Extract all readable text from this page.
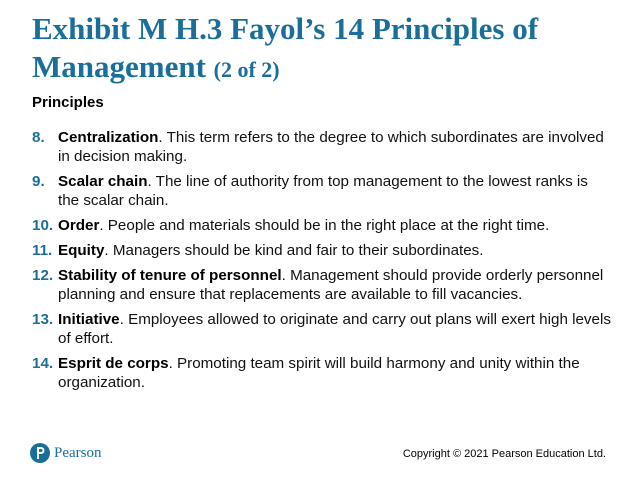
Exhibit M H.3 Fayol’s 14 Principles of Management (2 of 2)
Principles
8. Centralization. This term refers to the degree to which subordinates are involved in decision making.
9. Scalar chain. The line of authority from top management to the lowest ranks is the scalar chain.
10. Order. People and materials should be in the right place at the right time.
11. Equity. Managers should be kind and fair to their subordinates.
12. Stability of tenure of personnel. Management should provide orderly personnel planning and ensure that replacements are available to fill vacancies.
13. Initiative. Employees allowed to originate and carry out plans will exert high levels of effort.
14. Esprit de corps. Promoting team spirit will build harmony and unity within the organization.
Pearson	Copyright © 2021 Pearson Education Ltd.
